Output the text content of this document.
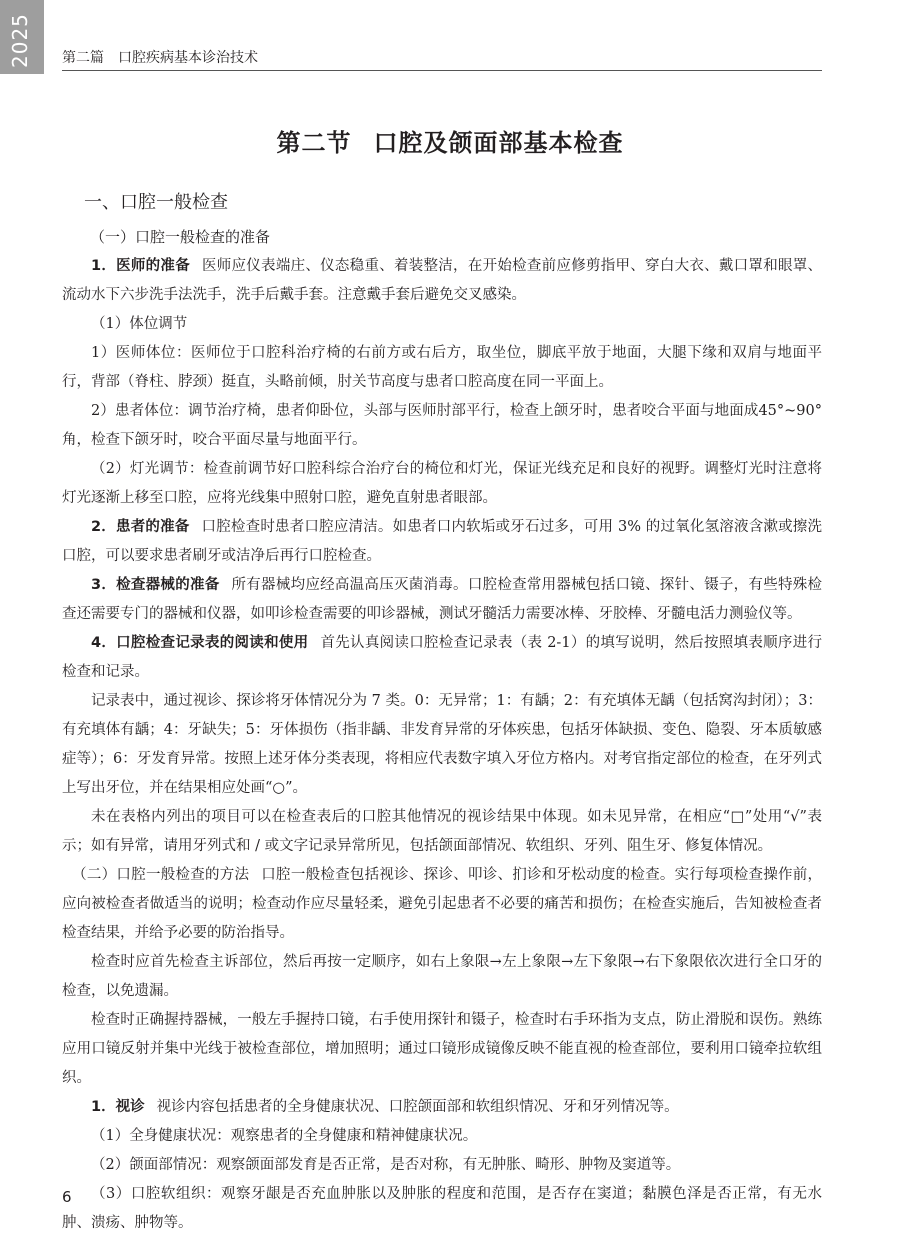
2025 第二篇 口腔疾病基本诊治技术
第二节 口腔及颌面部基本检查
一、口腔一般检查
（一）口腔一般检查的准备

1．医师的准备 医师应仪表端庄、仪态稳重、着装整洁，在开始检查前应修剪指甲、穿白大衣、戴口罩和眼罩、流动水下六步洗手法洗手，洗手后戴手套。注意戴手套后避免交叉感染。

（1）体位调节

1）医师体位：医师位于口腔科治疗椅的右前方或右后方，取坐位，脚底平放于地面，大腿下缘和双肩与地面平行，背部（脊柱、脖颈）挺直，头略前倾，肘关节高度与患者口腔高度在同一平面上。

2）患者体位：调节治疗椅，患者仰卧位，头部与医师肘部平行，检查上颌牙时，患者咬合平面与地面成45°~90° 角，检查下颌牙时，咬合平面尽量与地面平行。

（2）灯光调节：检查前调节好口腔科综合治疗台的椅位和灯光，保证光线充足和良好的视野。调整灯光时注意将灯光逐渐上移至口腔，应将光线集中照射口腔，避免直射患者眼部。

2．患者的准备 口腔检查时患者口腔应清洁。如患者口内软垢或牙石过多，可用 3% 的过氧化氢溶液含漱或擦洗口腔，可以要求患者刷牙或洁净后再行口腔检查。

3．检查器械的准备 所有器械均应经高温高压灭菌消毒。口腔检查常用器械包括口镜、探针、镊子，有些特殊检查还需要专门的器械和仪器，如叩诊检查需要的叩诊器械，测试牙髓活力需要冰棒、牙胶棒、牙髓电活力测验仪等。

4．口腔检查记录表的阅读和使用 首先认真阅读口腔检查记录表（表 2-1）的填写说明，然后按照填表顺序进行检查和记录。

记录表中，通过视诊、探诊将牙体情况分为 7 类。0：无异常；1：有龋；2：有充填体无龋（包括窝沟封闭）；3：有充填体有龋；4：牙缺失；5：牙体损伤（指非龋、非发育异常的牙体疾患，包括牙体缺损、变色、隐裂、牙本质敏感症等）；6：牙发育异常。按照上述牙体分类表现，将相应代表数字填入牙位方格内。对考官指定部位的检查，在牙列式上写出牙位，并在结果相应处画“○”。

未在表格内列出的项目可以在检查表后的口腔其他情况的视诊结果中体现。如未见异常，在相应“□”处用“√”表示；如有异常，请用牙列式和 / 或文字记录异常所见，包括颌面部情况、软组织、牙列、阻生牙、修复体情况。

（二）口腔一般检查的方法 口腔一般检查包括视诊、探诊、叩诊、扪诊和牙松动度的检查。实行每项检查操作前，应向被检查者做适当的说明；检查动作应尽量轻柔，避免引起患者不必要的痛苦和损伤；在检查实施后，告知被检查者检查结果，并给予必要的防治指导。

检查时应首先检查主诉部位，然后再按一定顺序，如右上象限→左上象限→左下象限→右下象限依次进行全口牙的检查，以免遗漏。

检查时正确握持器械，一般左手握持口镜，右手使用探针和镊子，检查时右手环指为支点，防止滑脱和误伤。熟练应用口镜反射并集中光线于被检查部位，增加照明；通过口镜形成镜像反映不能直视的检查部位，要利用口镜牵拉软组织。

1．视诊 视诊内容包括患者的全身健康状况、口腔颌面部和软组织情况、牙和牙列情况等。

（1）全身健康状况：观察患者的全身健康和精神健康状况。

（2）颌面部情况：观察颌面部发育是否正常，是否对称，有无肿胀、畸形、肿物及窦道等。

（3）口腔软组织：观察牙龈是否充血肿胀以及肿胀的程度和范围，是否存在窦道；黏膜色泽是否正常，有无水肿、溃疡、肿物等。

6
